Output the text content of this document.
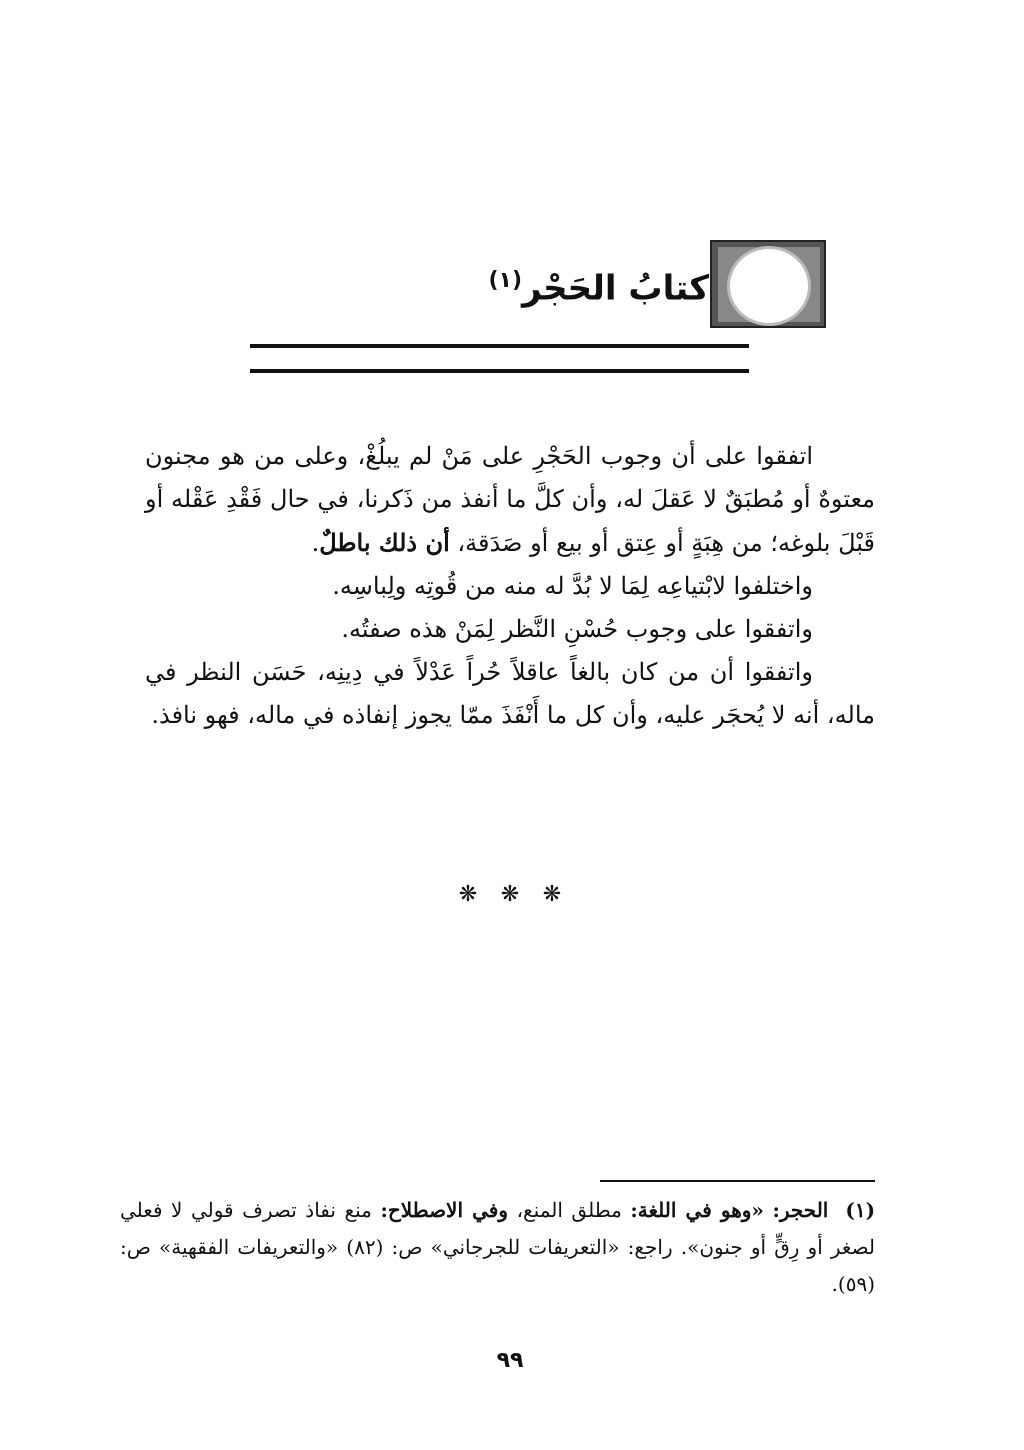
كتابُ الحَجْر$^{(١)}$

اتفقوا على أن وجوب الحَجْرِ على مَنْ لم يبلُغْ، وعلى من هو مجنون معتوهٌ أو مُطبَقٌ لا عَقلَ له، وأن كلَّ ما أنفذ من ذَكرنا، في حال فَقْدِ عَقْله أو قَبْلَ بلوغه؛ من هِبَةٍ أو عِتق أو بيع أو صَدَقة، أن ذلك باطلٌ.

واختلفوا لابْتياعِه لِمَا لا بُدَّ له منه من قُوتِه ولِباسِه.

واتفقوا على وجوب حُسْنِ النَّظر لِمَنْ هذه صفتُه.

واتفقوا أن من كان بالغاً عاقلاً حُراً عَدْلاً في دِينِه، حَسَن النظر في ماله، أنه لا يُحجَر عليه، وأن كل ما أَنْفَذَ ممّا يجوز إنفاذه في ماله، فهو نافذ.

❋ ❋ ❋

(١)  الحجر: «وهو في اللغة: مطلق المنع، وفي الاصطلاح: منع نفاذ تصرف قولي لا فعلي لصغر أو رِقٍّ أو جنون». راجع: «التعريفات للجرجاني» ص: (٨٢) «والتعريفات الفقهية» ص: (٥٩).

٩٩
